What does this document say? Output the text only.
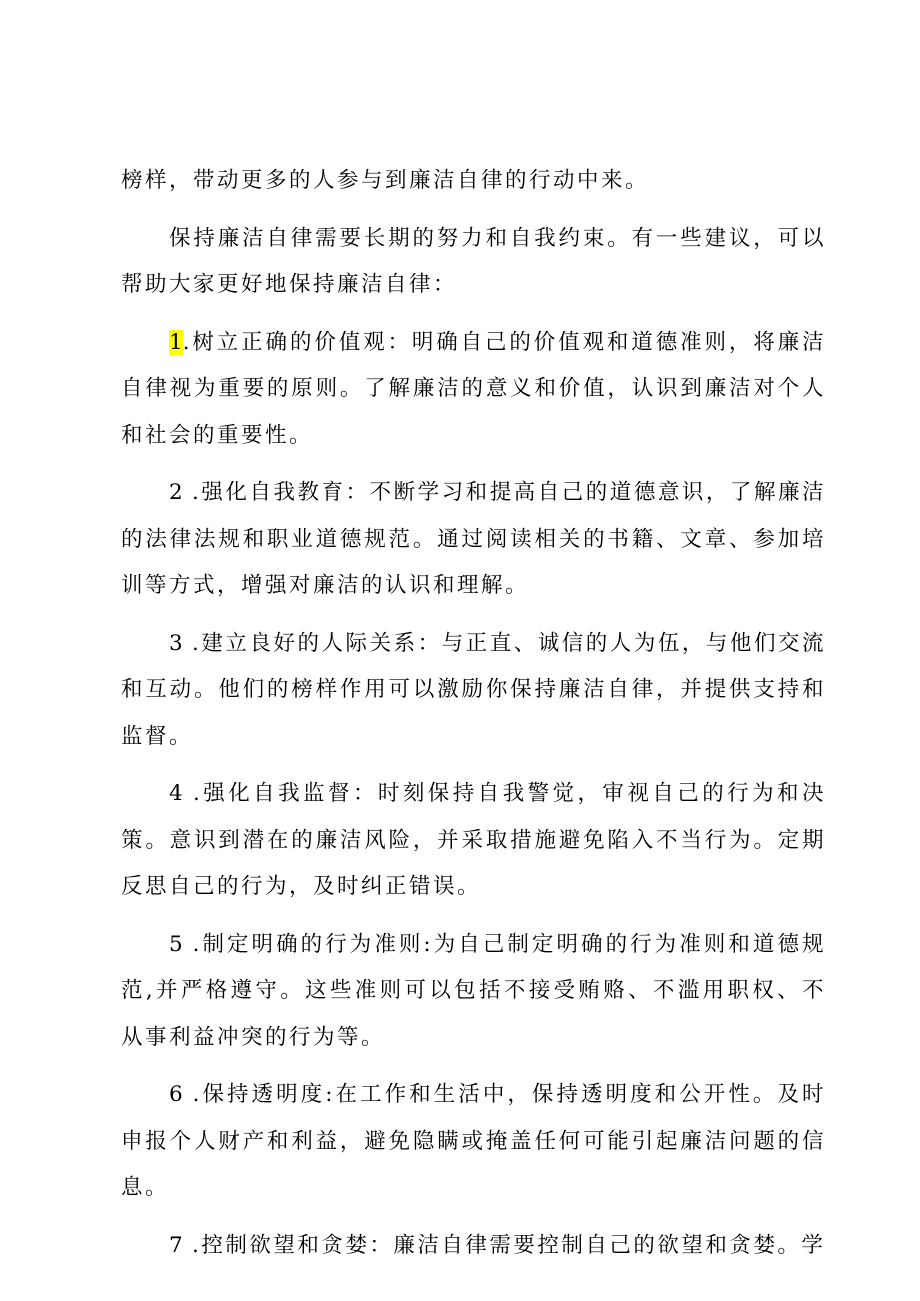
榜样，带动更多的人参与到廉洁自律的行动中来。

保持廉洁自律需要长期的努力和自我约束。有一些建议，可以帮助大家更好地保持廉洁自律：

1.树立正确的价值观：明确自己的价值观和道德准则，将廉洁自律视为重要的原则。了解廉洁的意义和价值，认识到廉洁对个人和社会的重要性。

2 .强化自我教育：不断学习和提高自己的道德意识，了解廉洁的法律法规和职业道德规范。通过阅读相关的书籍、文章、参加培训等方式，增强对廉洁的认识和理解。

3 .建立良好的人际关系：与正直、诚信的人为伍，与他们交流和互动。他们的榜样作用可以激励你保持廉洁自律，并提供支持和监督。

4 .强化自我监督：时刻保持自我警觉，审视自己的行为和决策。意识到潜在的廉洁风险，并采取措施避免陷入不当行为。定期反思自己的行为，及时纠正错误。

5 .制定明确的行为准则:为自己制定明确的行为准则和道德规范,并严格遵守。这些准则可以包括不接受贿赂、不滥用职权、不从事利益冲突的行为等。

6 .保持透明度:在工作和生活中，保持透明度和公开性。及时申报个人财产和利益，避免隐瞒或掩盖任何可能引起廉洁问题的信息。

7 .控制欲望和贪婪：廉洁自律需要控制自己的欲望和贪婪。学
